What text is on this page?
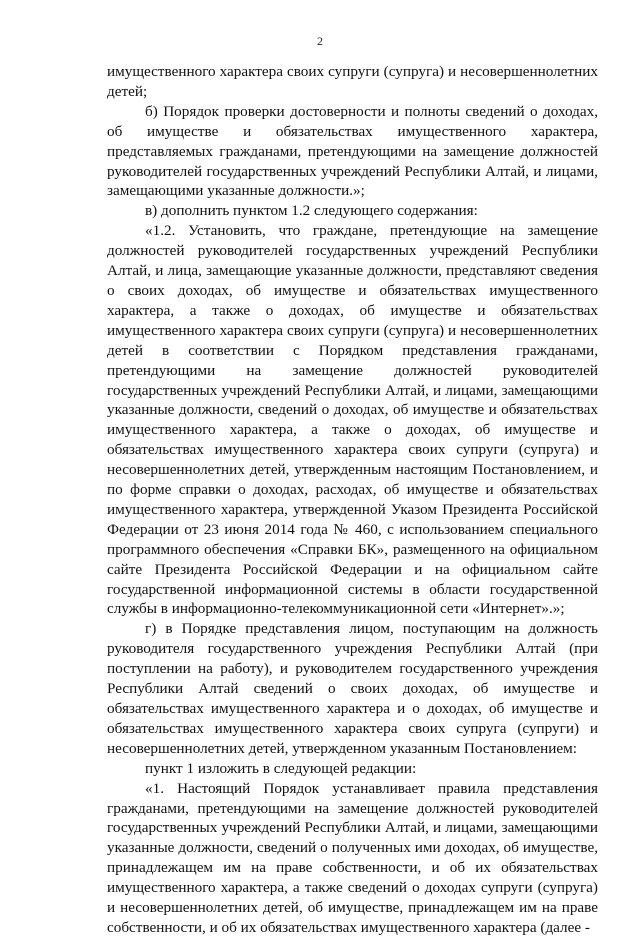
2

имущественного характера своих супруги (супруга) и несовершеннолетних детей;

б) Порядок проверки достоверности и полноты сведений о доходах, об имуществе и обязательствах имущественного характера, представляемых гражданами, претендующими на замещение должностей руководителей государственных учреждений Республики Алтай, и лицами, замещающими указанные должности.»;

в) дополнить пунктом 1.2 следующего содержания:

«1.2. Установить, что граждане, претендующие на замещение должностей руководителей государственных учреждений Республики Алтай, и лица, замещающие указанные должности, представляют сведения о своих доходах, об имуществе и обязательствах имущественного характера, а также о доходах, об имуществе и обязательствах имущественного характера своих супруги (супруга) и несовершеннолетних детей в соответствии с Порядком представления гражданами, претендующими на замещение должностей руководителей государственных учреждений Республики Алтай, и лицами, замещающими указанные должности, сведений о доходах, об имуществе и обязательствах имущественного характера, а также о доходах, об имуществе и обязательствах имущественного характера своих супруги (супруга) и несовершеннолетних детей, утвержденным настоящим Постановлением, и по форме справки о доходах, расходах, об имуществе и обязательствах имущественного характера, утвержденной Указом Президента Российской Федерации от 23 июня 2014 года № 460, с использованием специального программного обеспечения «Справки БК», размещенного на официальном сайте Президента Российской Федерации и на официальном сайте государственной информационной системы в области государственной службы в информационно-телекоммуникационной сети «Интернет».»;

г) в Порядке представления лицом, поступающим на должность руководителя государственного учреждения Республики Алтай (при поступлении на работу), и руководителем государственного учреждения Республики Алтай сведений о своих доходах, об имуществе и обязательствах имущественного характера и о доходах, об имуществе и обязательствах имущественного характера своих супруга (супруги) и несовершеннолетних детей, утвержденном указанным Постановлением:

пункт 1 изложить в следующей редакции:

«1. Настоящий Порядок устанавливает правила представления гражданами, претендующими на замещение должностей руководителей государственных учреждений Республики Алтай, и лицами, замещающими указанные должности, сведений о полученных ими доходах, об имуществе, принадлежащем им на праве собственности, и об их обязательствах имущественного характера, а также сведений о доходах супруги (супруга) и несовершеннолетних детей, об имуществе, принадлежащем им на праве собственности, и об их обязательствах имущественного характера (далее -
